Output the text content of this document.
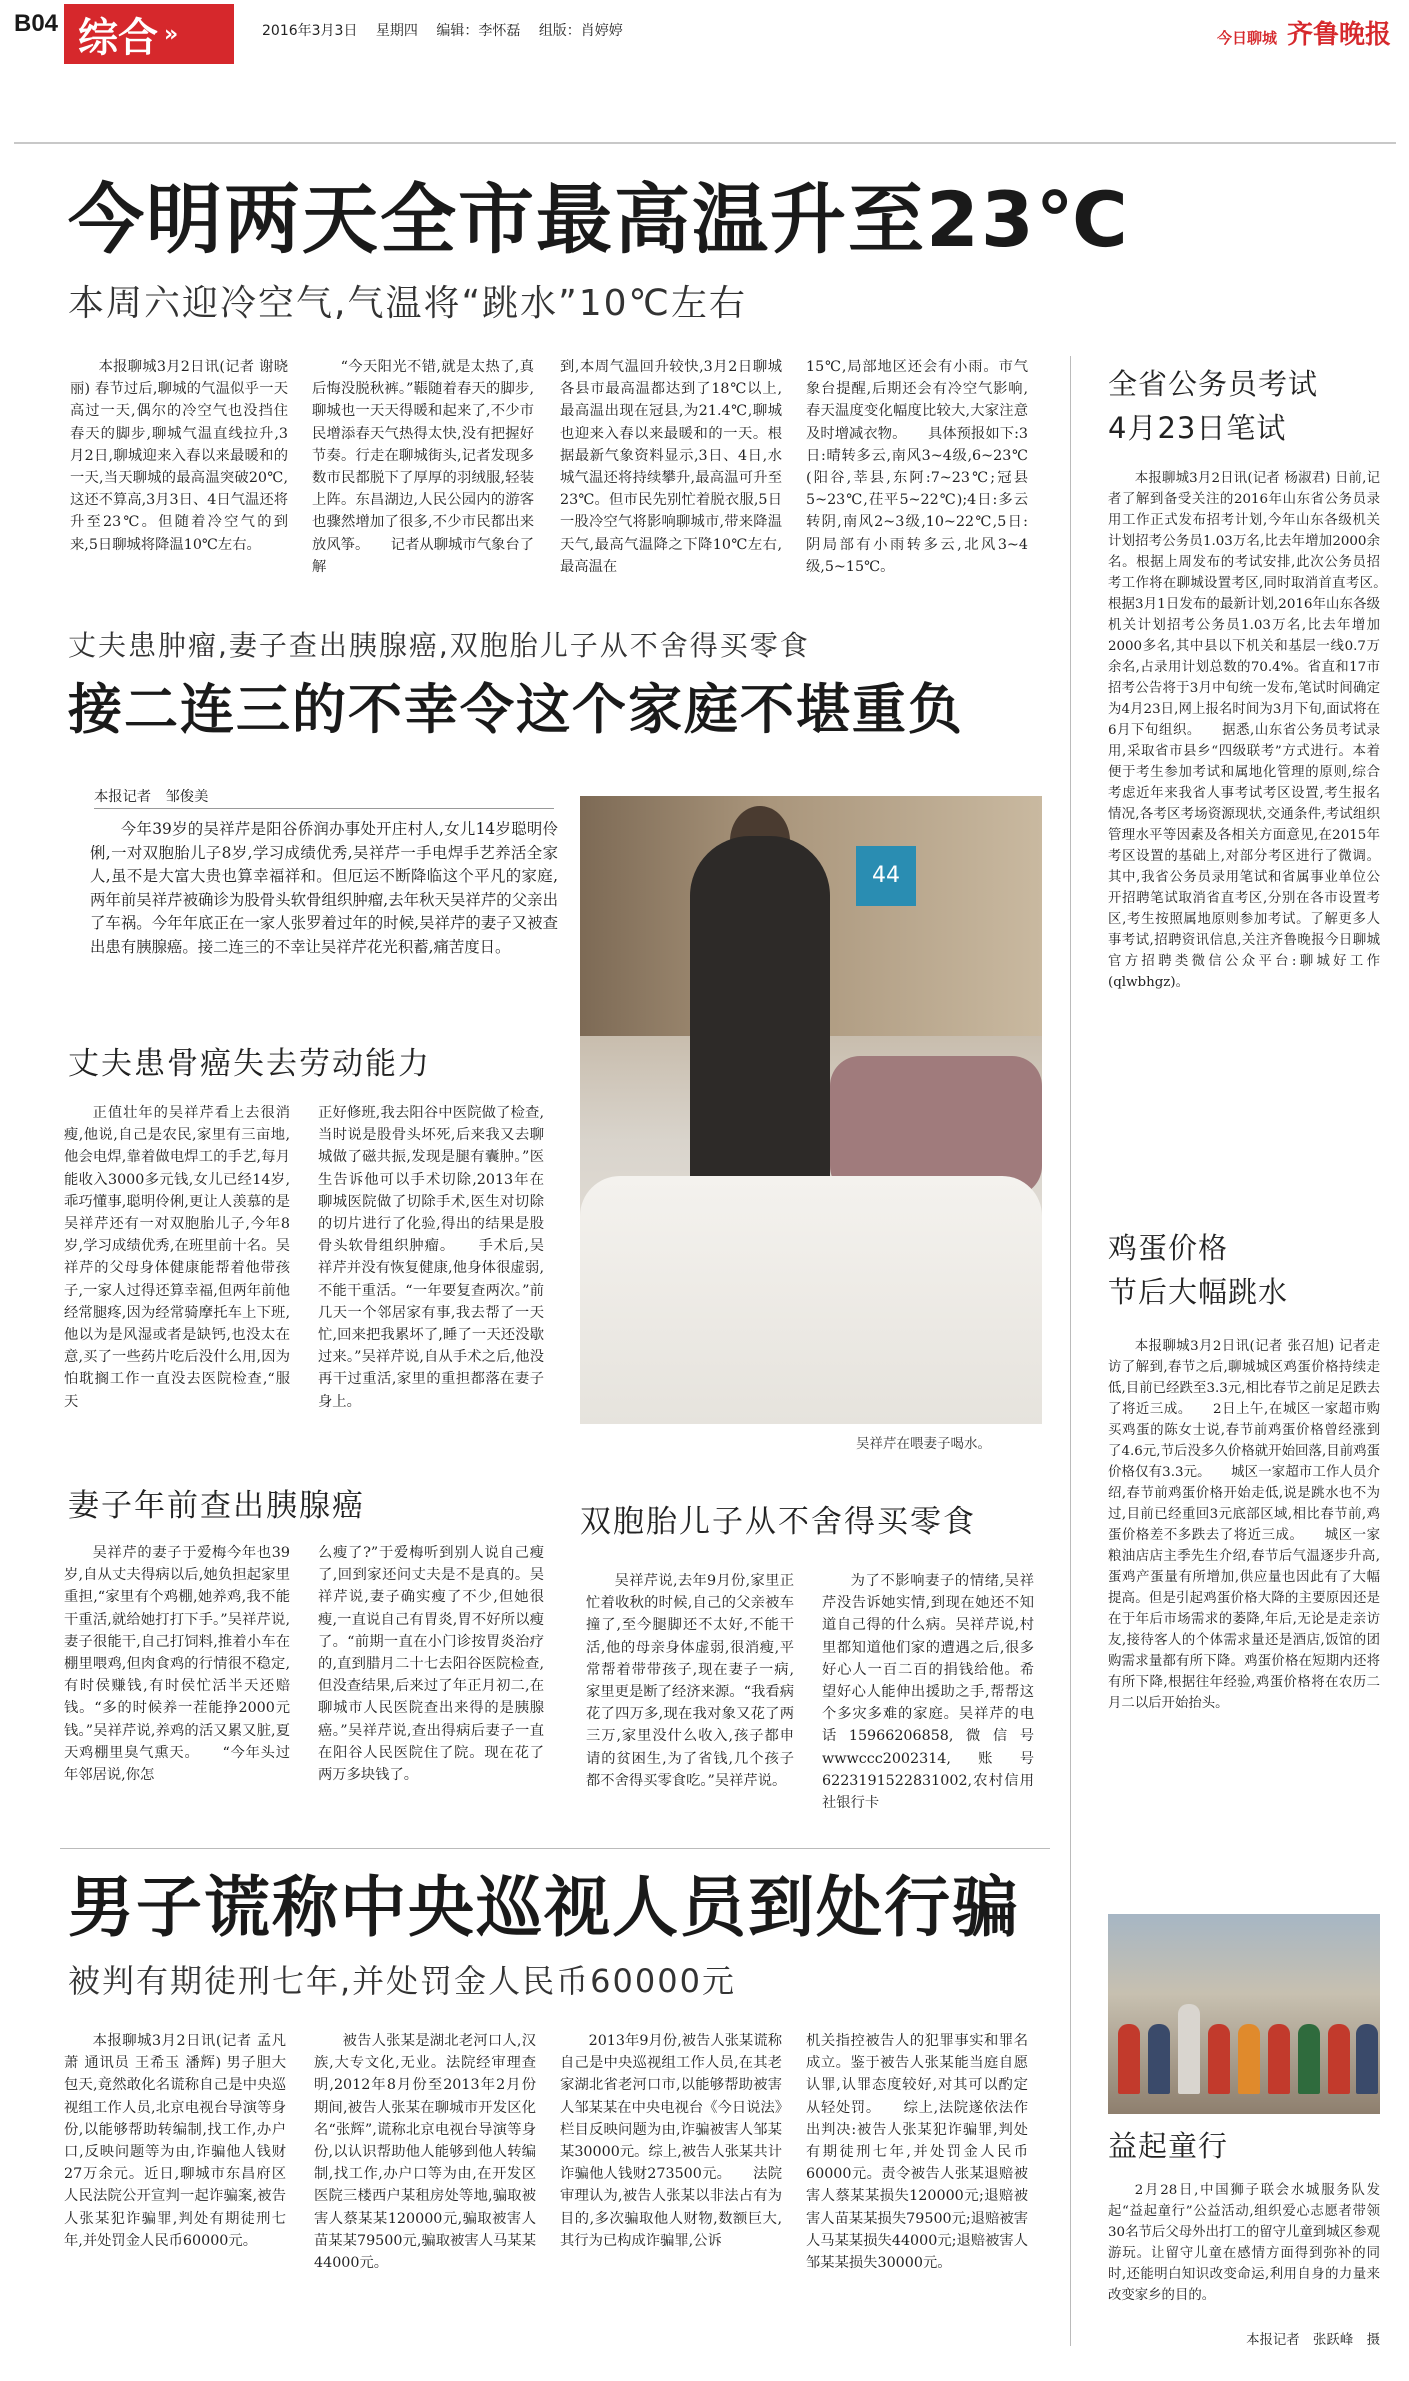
B04 综合 »	2016年3月3日 星期四 编辑：李怀磊 组版：肖婷婷	今日聊城 齐鲁晚报
今明两天全市最高温升至23℃
本周六迎冷空气,气温将“跳水”10℃左右

本报聊城3月2日讯(记者 谢晓丽) 春节过后,聊城的气温似乎一天高过一天,偶尔的冷空气也没挡住春天的脚步,聊城气温直线拉升,3月2日,聊城迎来入春以来最暖和的一天,当天聊城的最高温突破20℃,这还不算高,3月3日、4日气温还将升至23℃。但随着冷空气的到来,5日聊城将降温10℃左右。

“今天阳光不错,就是太热了,真后悔没脱秋裤。”䩨随着春天的脚步,聊城也一天天得暖和起来了,不少市民增添春天气热得太快,没有把握好节奏。行走在聊城街头,记者发现多数市民都脱下了厚厚的羽绒服,轻装上阵。东昌湖边,人民公园内的游客也骤然增加了很多,不少市民都出来放风筝。　　记者从聊城市气象台了解

到,本周气温回升较快,3月2日聊城各县市最高温都达到了18℃以上,最高温出现在冠县,为21.4℃,聊城也迎来入春以来最暖和的一天。根据最新气象资料显示,3日、4日,水城气温还将持续攀升,最高温可升至23℃。但市民先别忙着脱衣服,5日一股冷空气将影响聊城市,带来降温天气,最高气温降之下降10℃左右,最高温在

15℃,局部地区还会有小雨。市气象台提醒,后期还会有冷空气影响,春天温度变化幅度比较大,大家注意及时增减衣物。　　具体预报如下:3日:晴转多云,南风3~4级,6~23℃(阳谷,莘县,东阿:7~23℃;冠县5~23℃,茌平5~22℃);4日:多云转阴,南风2~3级,10~22℃,5日:阴局部有小雨转多云,北风3~4级,5~15℃。

丈夫患肿瘤,妻子查出胰腺癌,双胞胎儿子从不舍得买零食
接二连三的不幸令这个家庭不堪重负
本报记者　邹俊美

今年39岁的吴祥芹是阳谷侨润办事处开庄村人,女儿14岁聪明伶俐,一对双胞胎儿子8岁,学习成绩优秀,吴祥芹一手电焊手艺养活全家人,虽不是大富大贵也算幸福祥和。但厄运不断降临这个平凡的家庭,两年前吴祥芹被确诊为股骨头软骨组织肿瘤,去年秋天吴祥芹的父亲出了车祸。今年年底正在一家人张罗着过年的时候,吴祥芹的妻子又被查出患有胰腺癌。接二连三的不幸让吴祥芹花光积蓄,痛苦度日。

丈夫患骨癌失去劳动能力

正值壮年的吴祥芹看上去很消瘦,他说,自己是农民,家里有三亩地,他会电焊,靠着做电焊工的手艺,每月能收入3000多元钱,女儿已经14岁,乖巧懂事,聪明伶俐,更让人羡慕的是吴祥芹还有一对双胞胎儿子,今年8岁,学习成绩优秀,在班里前十名。吴祥芹的父母身体健康能帮着他带孩子,一家人过得还算幸福,但两年前他经常腿疼,因为经常骑摩托车上下班,他以为是风湿或者是缺钙,也没太在意,买了一些药片吃后没什么用,因为怕耽搁工作一直没去医院检查,“服天

正好修班,我去阳谷中医院做了检查,当时说是股骨头坏死,后来我又去聊城做了磁共振,发现是腿有囊肿。”医生告诉他可以手术切除,2013年在聊城医院做了切除手术,医生对切除的切片进行了化验,得出的结果是股骨头软骨组织肿瘤。　　手术后,吴祥芹并没有恢复健康,他身体很虚弱,不能干重活。“一年要复查两次。”前几天一个邻居家有事,我去帮了一天忙,回来把我累坏了,睡了一天还没歇过来。”吴祥芹说,自从手术之后,他没再干过重活,家里的重担都落在妻子身上。

44
吴祥芹在喂妻子喝水。
妻子年前查出胰腺癌

吴祥芹的妻子于爱梅今年也39岁,自从丈夫得病以后,她负担起家里重担,“家里有个鸡棚,她养鸡,我不能干重活,就给她打打下手。”吴祥芹说,妻子很能干,自己打饲料,推着小车在棚里喂鸡,但肉食鸡的行情很不稳定,有时侯赚钱,有时侯忙活半天还赔钱。“多的时候养一茬能挣2000元钱。”吴祥芹说,养鸡的活又累又脏,夏天鸡棚里臭气熏天。　　“今年头过年邻居说,你怎

么瘦了?”于爱梅听到别人说自己瘦了,回到家还问丈夫是不是真的。吴祥芹说,妻子确实瘦了不少,但她很瘦,一直说自己有胃炎,胃不好所以瘦了。“前期一直在小门诊按胃炎治疗的,直到腊月二十七去阳谷医院检查,但没查结果,后来过了年正月初二,在聊城市人民医院查出来得的是胰腺癌。”吴祥芹说,查出得病后妻子一直在阳谷人民医院住了院。现在花了两万多块钱了。

双胞胎儿子从不舍得买零食

吴祥芹说,去年9月份,家里正忙着收秋的时候,自己的父亲被车撞了,至今腿脚还不太好,不能干活,他的母亲身体虚弱,很消瘦,平常帮着带带孩子,现在妻子一病,家里更是断了经济来源。“我看病花了四万多,现在我对象又花了两三万,家里没什么收入,孩子都申请的贫困生,为了省钱,几个孩子都不舍得买零食吃。”吴祥芹说。

为了不影响妻子的情绪,吴祥芹没告诉她实情,到现在她还不知道自己得的什么病。吴祥芹说,村里都知道他们家的遭遇之后,很多好心人一百二百的捐钱给他。希望好心人能伸出援助之手,帮帮这个多灾多难的家庭。吴祥芹的电话15966206858,微信号wwwccc2002314,账号6223191522831002,农村信用社银行卡

男子谎称中央巡视人员到处行骗
被判有期徒刑七年,并处罚金人民币60000元

本报聊城3月2日讯(记者 孟凡萧 通讯员 王希玉 潘辉) 男子胆大包天,竟然敢化名谎称自己是中央巡视组工作人员,北京电视台导演等身份,以能够帮助转编制,找工作,办户口,反映问题等为由,诈骗他人钱财27万余元。近日,聊城市东昌府区人民法院公开宣判一起诈骗案,被告人张某犯诈骗罪,判处有期徒刑七年,并处罚金人民币60000元。

被告人张某是湖北老河口人,汉族,大专文化,无业。法院经审理查明,2012年8月份至2013年2月份期间,被告人张某在聊城市开发区化名“张辉”,谎称北京电视台导演等身份,以认识帮助他人能够到他人转编制,找工作,办户口等为由,在开发区医院三楼西户某租房处等地,骗取被害人蔡某某120000元,骗取被害人苗某某79500元,骗取被害人马某某44000元。

2013年9月份,被告人张某谎称自己是中央巡视组工作人员,在其老家湖北省老河口市,以能够帮助被害人邹某某在中央电视台《今日说法》栏目反映问题为由,诈骗被害人邹某某30000元。综上,被告人张某共计诈骗他人钱财273500元。　　法院审理认为,被告人张某以非法占有为目的,多次骗取他人财物,数额巨大,其行为已构成诈骗罪,公诉

机关指控被告人的犯罪事实和罪名成立。鉴于被告人张某能当庭自愿认罪,认罪态度较好,对其可以酌定从轻处罚。　　综上,法院遂依法作出判决:被告人张某犯诈骗罪,判处有期徒刑七年,并处罚金人民币60000元。责令被告人张某退赔被害人蔡某某损失120000元;退赔被害人苗某某损失79500元;退赔被害人马某某损失44000元;退赔被害人邹某某损失30000元。

全省公务员考试
4月23日笔试

本报聊城3月2日讯(记者 杨淑君) 日前,记者了解到备受关注的2016年山东省公务员录用工作正式发布招考计划,今年山东各级机关计划招考公务员1.03万名,比去年增加2000余名。根据上周发布的考试安排,此次公务员招考工作将在聊城设置考区,同时取消首直考区。　　根据3月1日发布的最新计划,2016年山东各级机关计划招考公务员1.03万名,比去年增加2000多名,其中县以下机关和基层一线0.7万余名,占录用计划总数的70.4%。省直和17市招考公告将于3月中旬统一发布,笔试时间确定为4月23日,网上报名时间为3月下旬,面试将在6月下旬组织。　　据悉,山东省公务员考试录用,采取省市县乡“四级联考”方式进行。本着便于考生参加考试和属地化管理的原则,综合考虑近年来我省人事考试考区设置,考生报名情况,各考区考场资源现状,交通条件,考试组织管理水平等因素及各相关方面意见,在2015年考区设置的基础上,对部分考区进行了微调。其中,我省公务员录用笔试和省属事业单位公开招聘笔试取消省直考区,分别在各市设置考区,考生按照属地原则参加考试。了解更多人事考试,招聘资讯信息,关注齐鲁晚报今日聊城官方招聘类微信公众平台:聊城好工作(qlwbhgz)。

鸡蛋价格
节后大幅跳水

本报聊城3月2日讯(记者 张召旭) 记者走访了解到,春节之后,聊城城区鸡蛋价格持续走低,目前已经跌至3.3元,相比春节之前足足跌去了将近三成。　　2日上午,在城区一家超市购买鸡蛋的陈女士说,春节前鸡蛋价格曾经涨到了4.6元,节后没多久价格就开始回落,目前鸡蛋价格仅有3.3元。　　城区一家超市工作人员介绍,春节前鸡蛋价格开始走低,说是跳水也不为过,目前已经重回3元底部区域,相比春节前,鸡蛋价格差不多跌去了将近三成。　　城区一家粮油店店主季先生介绍,春节后气温逐步升高,蛋鸡产蛋量有所增加,供应量也因此有了大幅提高。但是引起鸡蛋价格大降的主要原因还是在于年后市场需求的萎降,年后,无论是走亲访友,接待客人的个体需求量还是酒店,饭馆的团购需求量都有所下降。鸡蛋价格在短期内还将有所下降,根据往年经验,鸡蛋价格将在农历二月二以后开始抬头。

益起童行

2月28日,中国狮子联会水城服务队发起“益起童行”公益活动,组织爱心志愿者带领30名节后父母外出打工的留守儿童到城区参观游玩。让留守儿童在感情方面得到弥补的同时,还能明白知识改变命运,利用自身的力量来改变家乡的目的。

本报记者　张跃峰　摄
